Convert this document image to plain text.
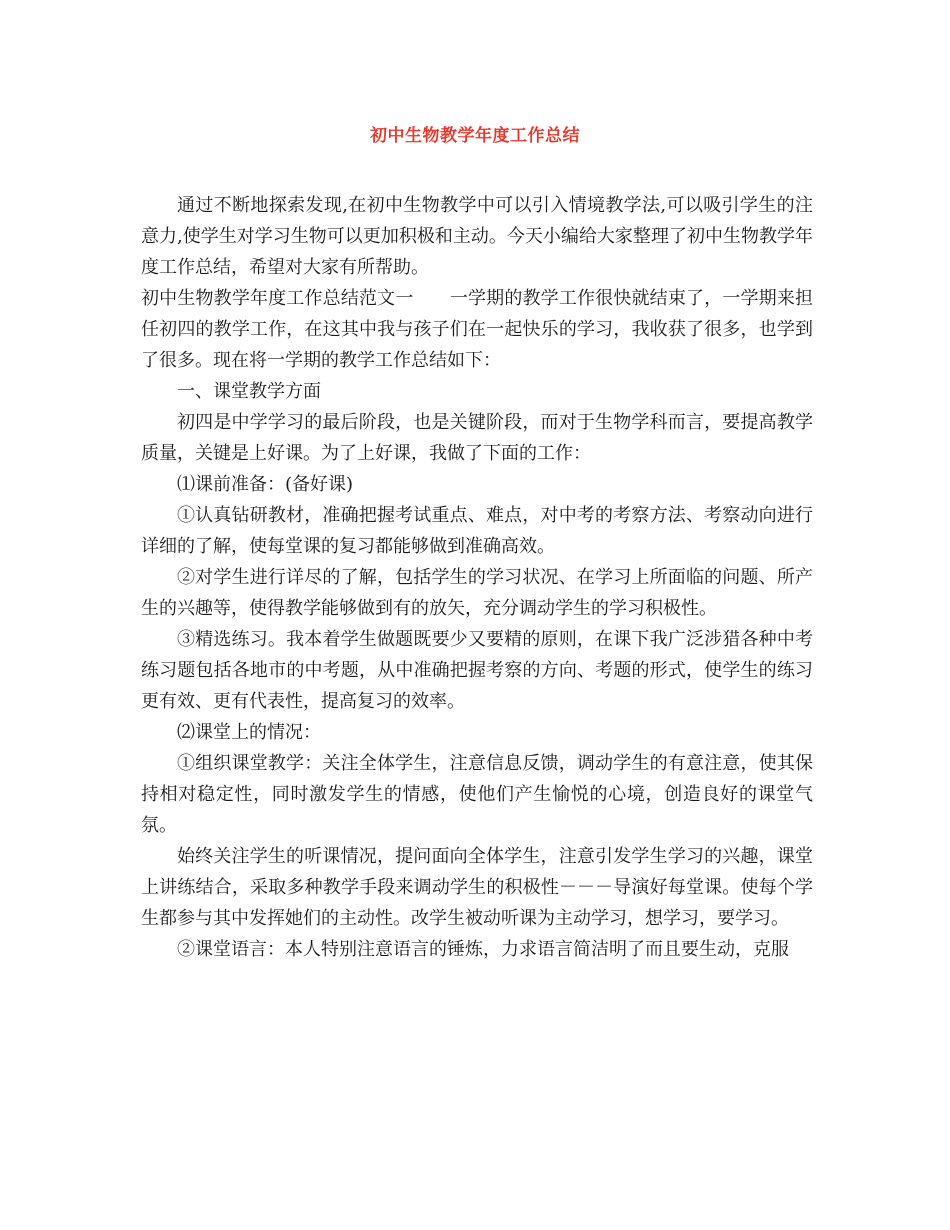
初中生物教学年度工作总结

通过不断地探索发现,在初中生物教学中可以引入情境教学法,可以吸引学生的注意力,使学生对学习生物可以更加积极和主动。今天小编给大家整理了初中生物教学年度工作总结，希望对大家有所帮助。

初中生物教学年度工作总结范文一　　一学期的教学工作很快就结束了，一学期来担任初四的教学工作，在这其中我与孩子们在一起快乐的学习，我收获了很多，也学到了很多。现在将一学期的教学工作总结如下：

一、课堂教学方面

初四是中学学习的最后阶段，也是关键阶段，而对于生物学科而言，要提高教学质量，关键是上好课。为了上好课，我做了下面的工作：

⑴课前准备：(备好课)

①认真钻研教材，准确把握考试重点、难点，对中考的考察方法、考察动向进行详细的了解，使每堂课的复习都能够做到准确高效。

②对学生进行详尽的了解，包括学生的学习状况、在学习上所面临的问题、所产生的兴趣等，使得教学能够做到有的放矢，充分调动学生的学习积极性。

③精选练习。我本着学生做题既要少又要精的原则，在课下我广泛涉猎各种中考练习题包括各地市的中考题，从中准确把握考察的方向、考题的形式，使学生的练习更有效、更有代表性，提高复习的效率。

⑵课堂上的情况：

①组织课堂教学：关注全体学生，注意信息反馈，调动学生的有意注意，使其保持相对稳定性，同时激发学生的情感，使他们产生愉悦的心境，创造良好的课堂气氛。

始终关注学生的听课情况，提问面向全体学生，注意引发学生学习的兴趣，课堂上讲练结合，采取多种教学手段来调动学生的积极性－－－导演好每堂课。使每个学生都参与其中发挥她们的主动性。改学生被动听课为主动学习，想学习，要学习。

②课堂语言：本人特别注意语言的锤炼，力求语言简洁明了而且要生动，克服
